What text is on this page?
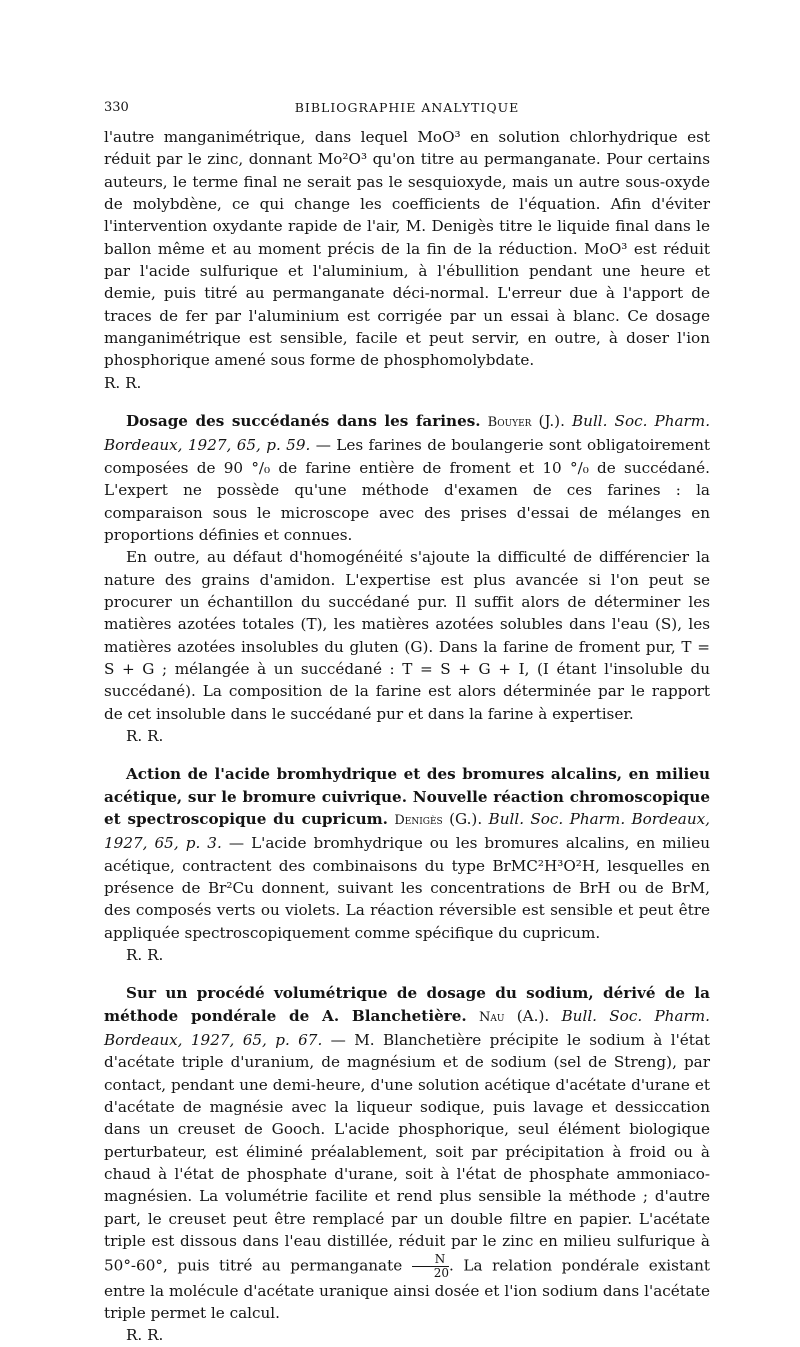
330	BIBLIOGRAPHIE ANALYTIQUE

l'autre manganimétrique, dans lequel MoO³ en solution chlorhydrique est réduit par le zinc, donnant Mo²O³ qu'on titre au permanganate. Pour certains auteurs, le terme final ne serait pas le sesquioxyde, mais un autre sous-oxyde de molybdène, ce qui change les coefficients de l'équation. Afin d'éviter l'intervention oxydante rapide de l'air, M. Denigès titre le liquide final dans le ballon même et au moment précis de la fin de la réduction. MoO³ est réduit par l'acide sulfurique et l'aluminium, à l'ébullition pendant une heure et demie, puis titré au permanganate déci-normal. L'erreur due à l'apport de traces de fer par l'aluminium est corrigée par un essai à blanc. Ce dosage manganimétrique est sensible, facile et peut servir, en outre, à doser l'ion phosphorique amené sous forme de phosphomolybdate.
R. R.

Dosage des succédanés dans les farines. Bouyer (J.). Bull. Soc. Pharm. Bordeaux, 1927, 65, p. 59. — Les farines de boulangerie sont obligatoirement composées de 90 °/₀ de farine entière de froment et 10 °/₀ de succédané. L'expert ne possède qu'une méthode d'examen de ces farines : la comparaison sous le microscope avec des prises d'essai de mélanges en proportions définies et connues.

En outre, au défaut d'homogénéité s'ajoute la difficulté de différencier la nature des grains d'amidon. L'expertise est plus avancée si l'on peut se procurer un échantillon du succédané pur. Il suffit alors de déterminer les matières azotées totales (T), les matières azotées solubles dans l'eau (S), les matières azotées insolubles du gluten (G). Dans la farine de froment pur, T = S + G ; mélangée à un succédané : T = S + G + I, (I étant l'insoluble du succédané). La composition de la farine est alors déterminée par le rapport de cet insoluble dans le succédané pur et dans la farine à expertiser.
R. R.

Action de l'acide bromhydrique et des bromures alcalins, en milieu acétique, sur le bromure cuivrique. Nouvelle réaction chromoscopique et spectroscopique du cupricum. Denigès (G.). Bull. Soc. Pharm. Bordeaux, 1927, 65, p. 3. — L'acide bromhydrique ou les bromures alcalins, en milieu acétique, contractent des combinaisons du type BrMC²H³O²H, lesquelles en présence de Br²Cu donnent, suivant les concentrations de BrH ou de BrM, des composés verts ou violets. La réaction réversible est sensible et peut être appliquée spectroscopiquement comme spécifique du cupricum.
R. R.

Sur un procédé volumétrique de dosage du sodium, dérivé de la méthode pondérale de A. Blanchetière. Nau (A.). Bull. Soc. Pharm. Bordeaux, 1927, 65, p. 67. — M. Blanchetière précipite le sodium à l'état d'acétate triple d'uranium, de magnésium et de sodium (sel de Streng), par contact, pendant une demi-heure, d'une solution acétique d'acétate d'urane et d'acétate de magnésie avec la liqueur sodique, puis lavage et dessiccation dans un creuset de Gooch. L'acide phosphorique, seul élément biologique perturbateur, est éliminé préalablement, soit par précipitation à froid ou à chaud à l'état de phosphate d'urane, soit à l'état de phosphate ammoniaco-magnésien. La volumétrie facilite et rend plus sensible la méthode ; d'autre part, le creuset peut être remplacé par un double filtre en papier. L'acétate triple est dissous dans l'eau distillée, réduit par le zinc en milieu sulfurique à 50°-60°, puis titré au permanganate $\frac{N}{20}$ . La relation pondérale existant entre la molécule d'acétate uranique ainsi dosée et l'ion sodium dans l'acétate triple permet le calcul.
R. R.
